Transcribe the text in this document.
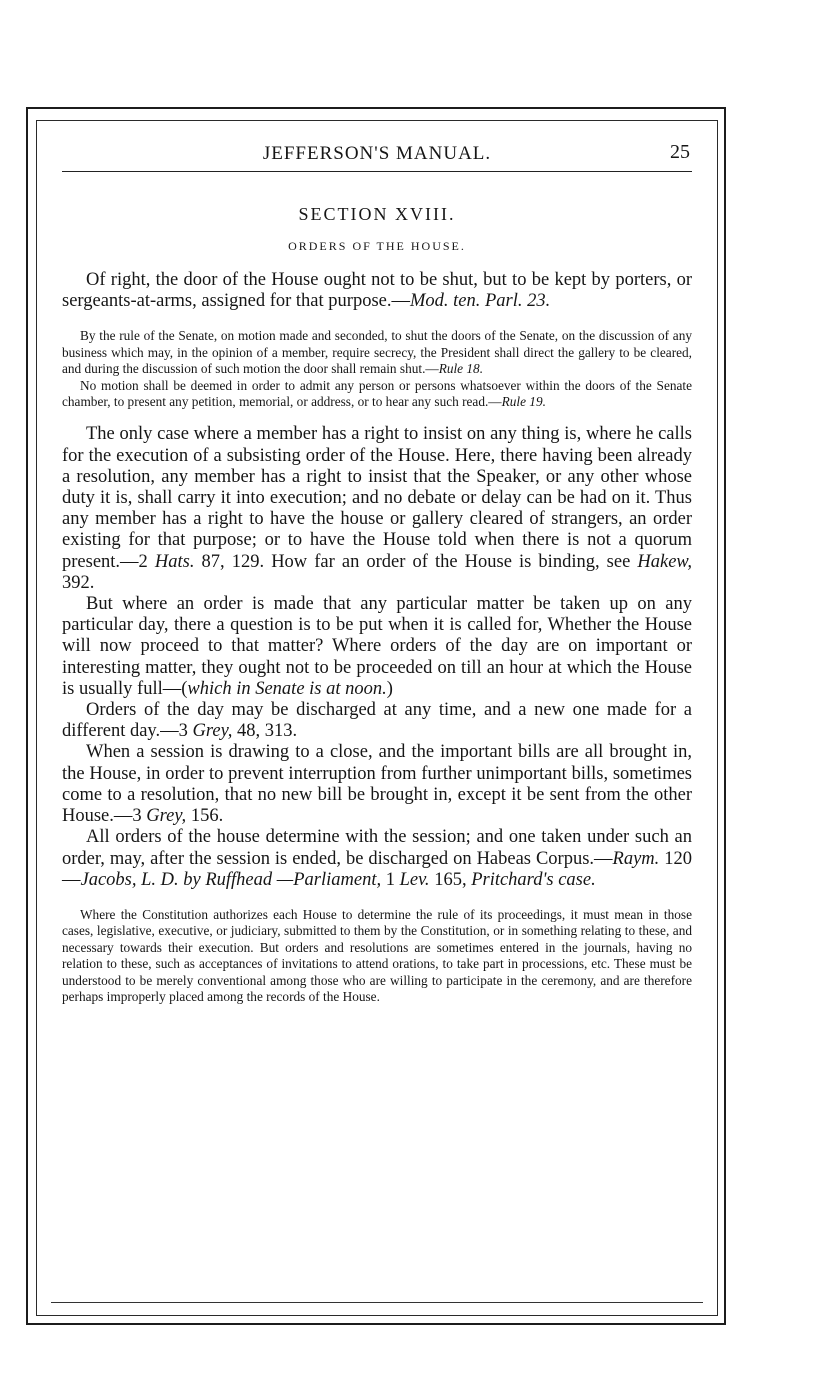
JEFFERSON'S MANUAL.	25
SECTION XVIII.
ORDERS OF THE HOUSE.

Of right, the door of the House ought not to be shut, but to be kept by porters, or sergeants-at-arms, assigned for that purpose.—Mod. ten. Parl. 23.

By the rule of the Senate, on motion made and seconded, to shut the doors of the Senate, on the discussion of any business which may, in the opinion of a member, require secrecy, the President shall direct the gallery to be cleared, and during the discussion of such motion the door shall remain shut.—Rule 18.

No motion shall be deemed in order to admit any person or persons whatsoever within the doors of the Senate chamber, to present any petition, memorial, or address, or to hear any such read.—Rule 19.

The only case where a member has a right to insist on any thing is, where he calls for the execution of a subsisting order of the House. Here, there having been already a resolution, any member has a right to insist that the Speaker, or any other whose duty it is, shall carry it into execution; and no debate or delay can be had on it. Thus any member has a right to have the house or gallery cleared of strangers, an order existing for that purpose; or to have the House told when there is not a quorum present.—2 Hats. 87, 129. How far an order of the House is binding, see Hakew, 392.

But where an order is made that any particular matter be taken up on any particular day, there a question is to be put when it is called for, Whether the House will now proceed to that matter? Where orders of the day are on important or interesting matter, they ought not to be proceeded on till an hour at which the House is usually full—(which in Senate is at noon.)

Orders of the day may be discharged at any time, and a new one made for a different day.—3 Grey, 48, 313.

When a session is drawing to a close, and the important bills are all brought in, the House, in order to prevent interruption from further unimportant bills, sometimes come to a resolution, that no new bill be brought in, except it be sent from the other House.—3 Grey, 156.

All orders of the house determine with the session; and one taken under such an order, may, after the session is ended, be discharged on Habeas Corpus.—Raym. 120—Jacobs, L. D. by Ruffhead —Parliament, 1 Lev. 165, Pritchard's case.

Where the Constitution authorizes each House to determine the rule of its proceedings, it must mean in those cases, legislative, executive, or judiciary, submitted to them by the Constitution, or in something relating to these, and necessary towards their execution. But orders and resolutions are sometimes entered in the journals, having no relation to these, such as acceptances of invitations to attend orations, to take part in processions, etc. These must be understood to be merely conventional among those who are willing to participate in the ceremony, and are therefore perhaps improperly placed among the records of the House.
